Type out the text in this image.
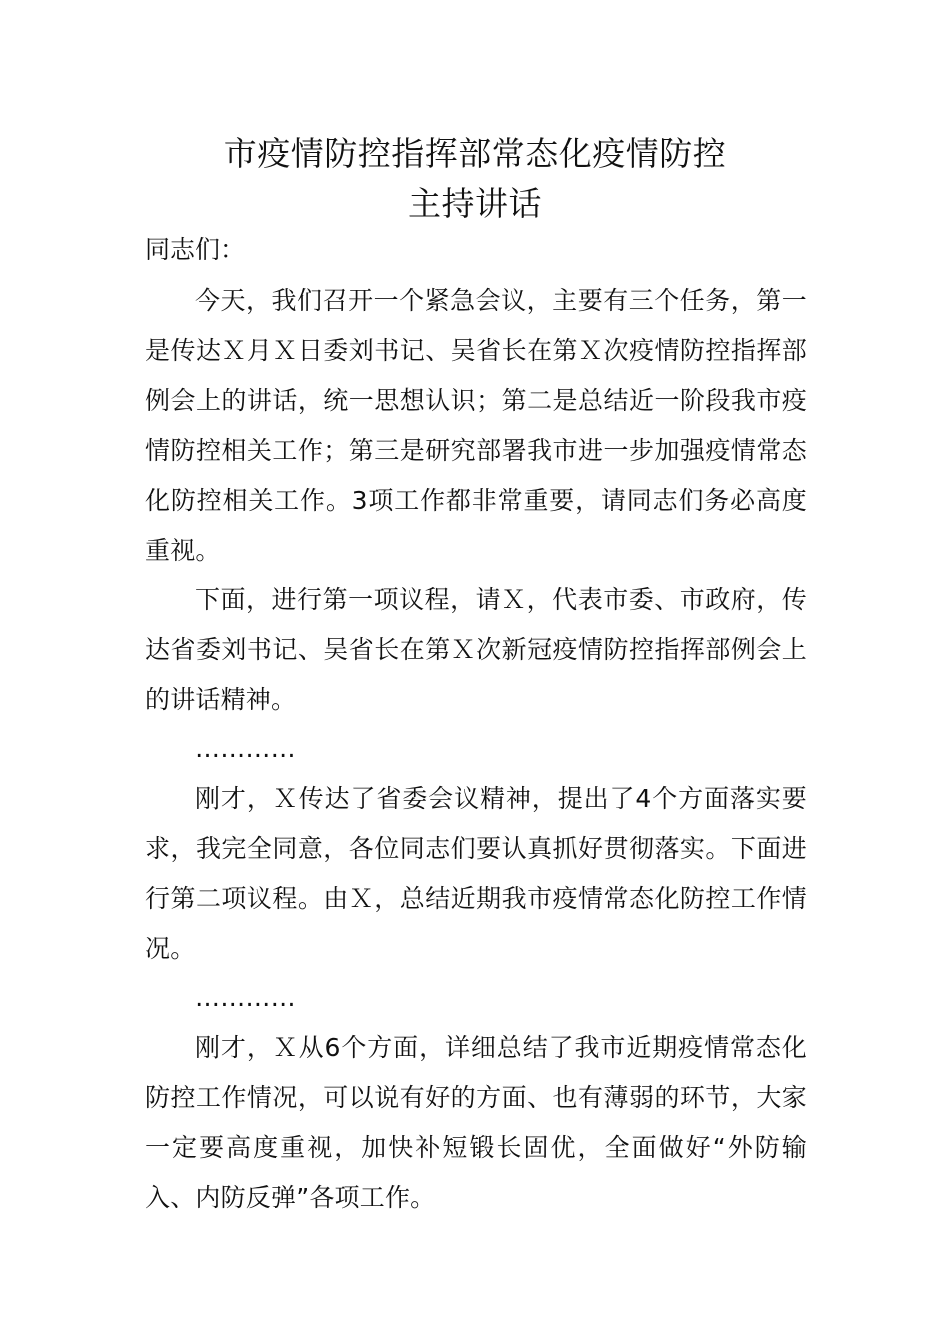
市疫情防控指挥部常态化疫情防控
主持讲话

同志们：

今天，我们召开一个紧急会议，主要有三个任务，第一是传达Ｘ月Ｘ日委刘书记、吴省长在第Ｘ次疫情防控指挥部例会上的讲话，统一思想认识；第二是总结近一阶段我市疫情防控相关工作；第三是研究部署我市进一步加强疫情常态化防控相关工作。3项工作都非常重要，请同志们务必高度重视。

下面，进行第一项议程，请Ｘ，代表市委、市政府，传达省委刘书记、吴省长在第Ｘ次新冠疫情防控指挥部例会上的讲话精神。

…………

刚才，Ｘ传达了省委会议精神，提出了4个方面落实要求，我完全同意，各位同志们要认真抓好贯彻落实。下面进行第二项议程。由Ｘ，总结近期我市疫情常态化防控工作情况。

…………

刚才，Ｘ从6个方面，详细总结了我市近期疫情常态化防控工作情况，可以说有好的方面、也有薄弱的环节，大家一定要高度重视，加快补短锻长固优，全面做好“外防输入、内防反弹”各项工作。
